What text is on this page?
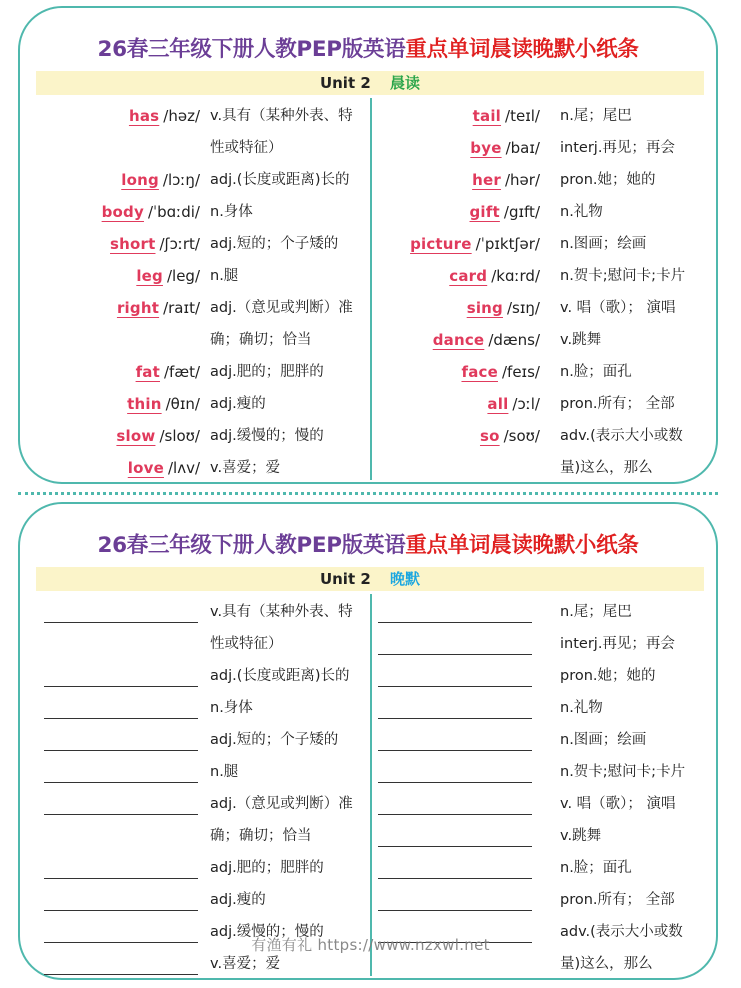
26春三年级下册人教PEP版英语重点单词晨读晚默小纸条
Unit 2 晨读
has /həz/ v.具有（某种外表、特
性或特征）
long /lɔːŋ/ adj.(长度或距离)长的
body /ˈbɑːdi/ n.身体
short /ʃɔːrt/ adj.短的；个子矮的
leg /leg/ n.腿
right /raɪt/ adj.（意见或判断）准
确；确切；恰当
fat /fæt/ adj.肥的；肥胖的
thin /θɪn/ adj.瘦的
slow /sloʊ/ adj.缓慢的；慢的
love /lʌv/ v.喜爱；爱
tail /teɪl/ n.尾；尾巴
bye /baɪ/ interj.再见；再会
her /hər/ pron.她；她的
gift /gɪft/ n.礼物
picture /ˈpɪktʃər/ n.图画；绘画
card /kɑːrd/ n.贺卡;慰问卡;卡片
sing /sɪŋ/ v. 唱（歌）； 演唱
dance /dæns/ v.跳舞
face /feɪs/ n.脸；面孔
all /ɔːl/ pron.所有； 全部
so /soʊ/ adv.(表示大小或数
量)这么，那么
26春三年级下册人教PEP版英语重点单词晨读晚默小纸条
Unit 2 晚默
v.具有（某种外表、特
性或特征）
adj.(长度或距离)长的
n.身体
adj.短的；个子矮的
n.腿
adj.（意见或判断）准
确；确切；恰当
adj.肥的；肥胖的
adj.瘦的
adj.缓慢的；慢的
v.喜爱；爱
n.尾；尾巴
interj.再见；再会
pron.她；她的
n.礼物
n.图画；绘画
n.贺卡;慰问卡;卡片
v. 唱（歌）； 演唱
v.跳舞
n.脸；面孔
pron.所有； 全部
adv.(表示大小或数
量)这么，那么
有渔有礼 https://www.nzxwl.net
